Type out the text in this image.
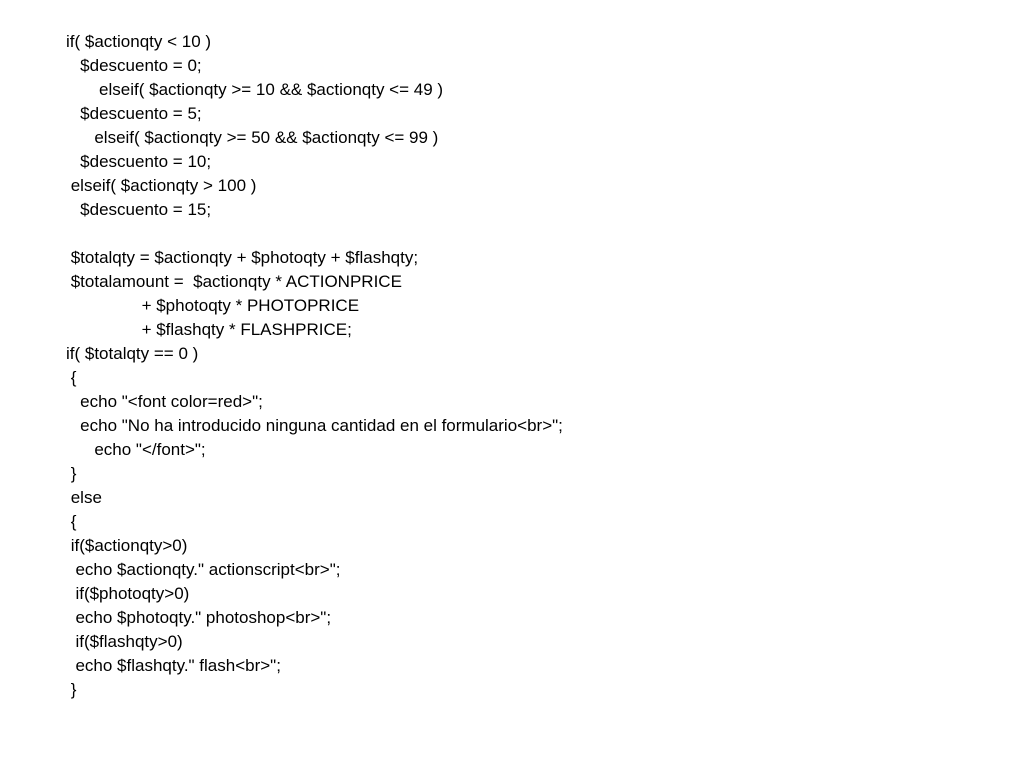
if( $actionqty < 10 )
$descuento = 0;
elseif( $actionqty >= 10 && $actionqty <= 49 )
$descuento = 5;
elseif( $actionqty >= 50 && $actionqty <= 99 )
$descuento = 10;
elseif( $actionqty > 100 )
$descuento = 15;
$totalqty = $actionqty + $photoqty + $flashqty;
$totalamount =  $actionqty * ACTIONPRICE
+ $photoqty * PHOTOPRICE
+ $flashqty * FLASHPRICE;
if( $totalqty == 0 )
{
echo "<font color=red>";
echo "No ha introducido ninguna cantidad en el formulario<br>";
echo "</font>";
}
else
{
if($actionqty>0)
echo $actionqty." actionscript<br>";
if($photoqty>0)
echo $photoqty." photoshop<br>";
if($flashqty>0)
echo $flashqty." flash<br>";
}
